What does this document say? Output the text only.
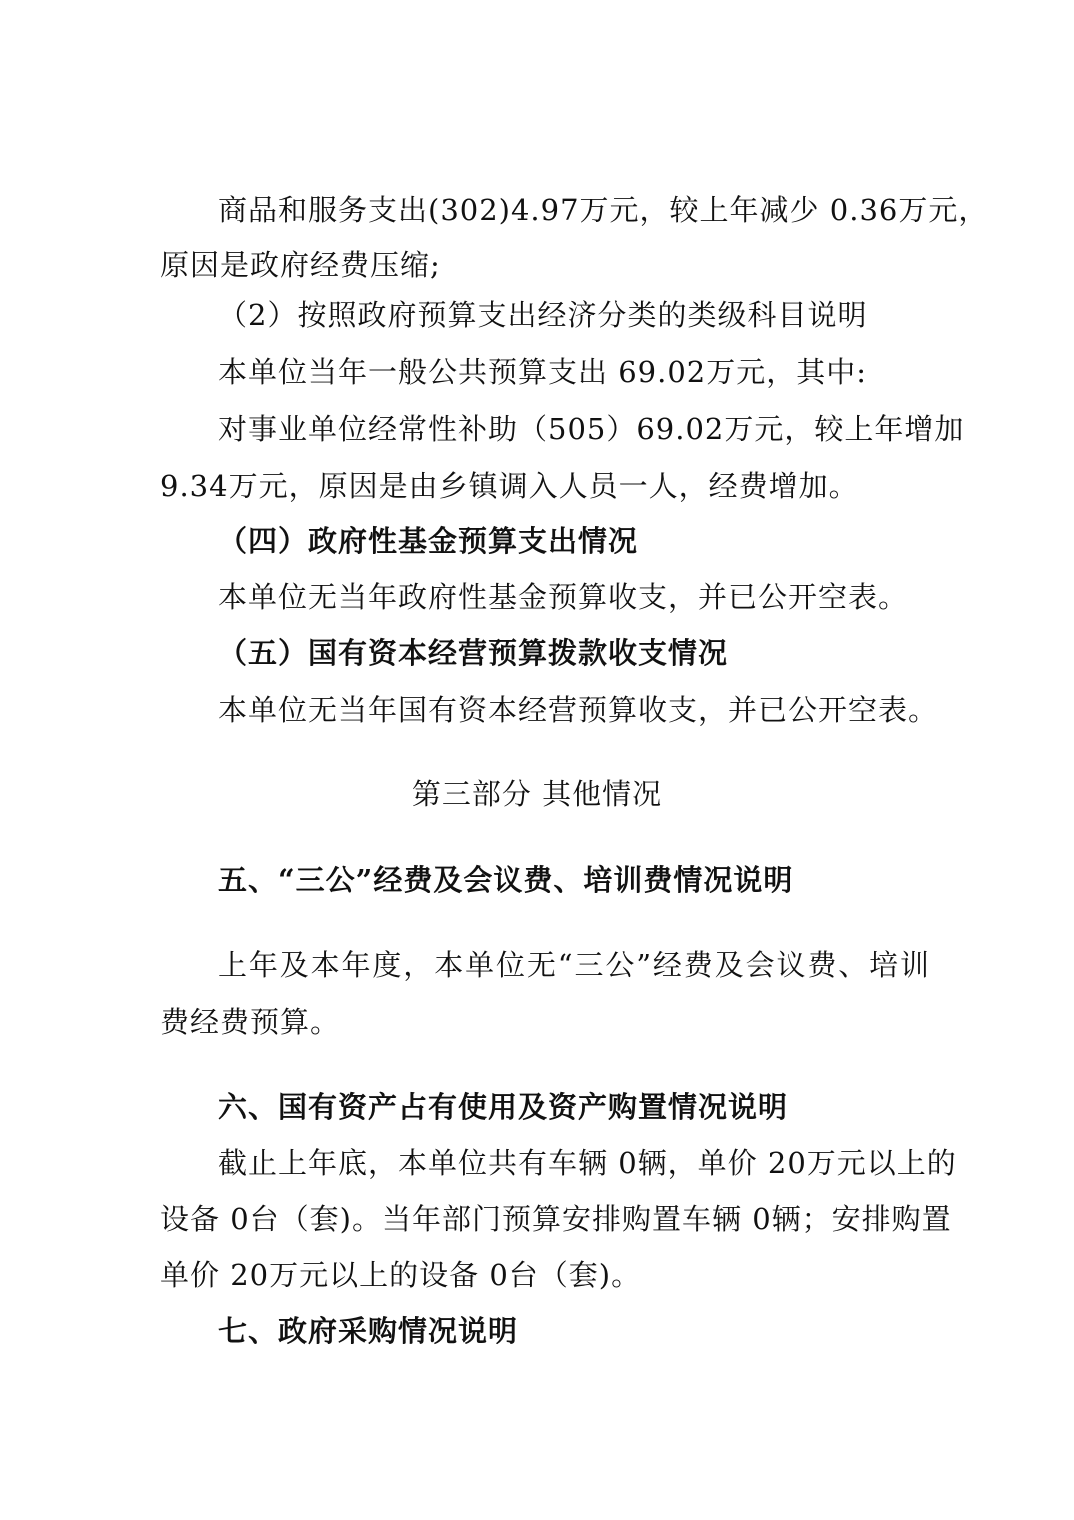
商品和服务支出(302)4.97万元，较上年减少 0.36万元，
原因是政府经费压缩;
（2）按照政府预算支出经济分类的类级科目说明
本单位当年一般公共预算支出 69.02万元，其中:
对事业单位经常性补助（505）69.02万元，较上年增加
9.34万元，原因是由乡镇调入人员一人，经费增加。
（四）政府性基金预算支出情况
本单位无当年政府性基金预算收支，并已公开空表。
（五）国有资本经营预算拨款收支情况
本单位无当年国有资本经营预算收支，并已公开空表。
第三部分 其他情况
五、“三公”经费及会议费、培训费情况说明
上年及本年度，本单位无“三公”经费及会议费、培训
费经费预算。
六、国有资产占有使用及资产购置情况说明
截止上年底，本单位共有车辆 0辆，单价 20万元以上的
设备 0台（套)。当年部门预算安排购置车辆 0辆；安排购置
单价 20万元以上的设备 0台（套)。
七、政府采购情况说明
